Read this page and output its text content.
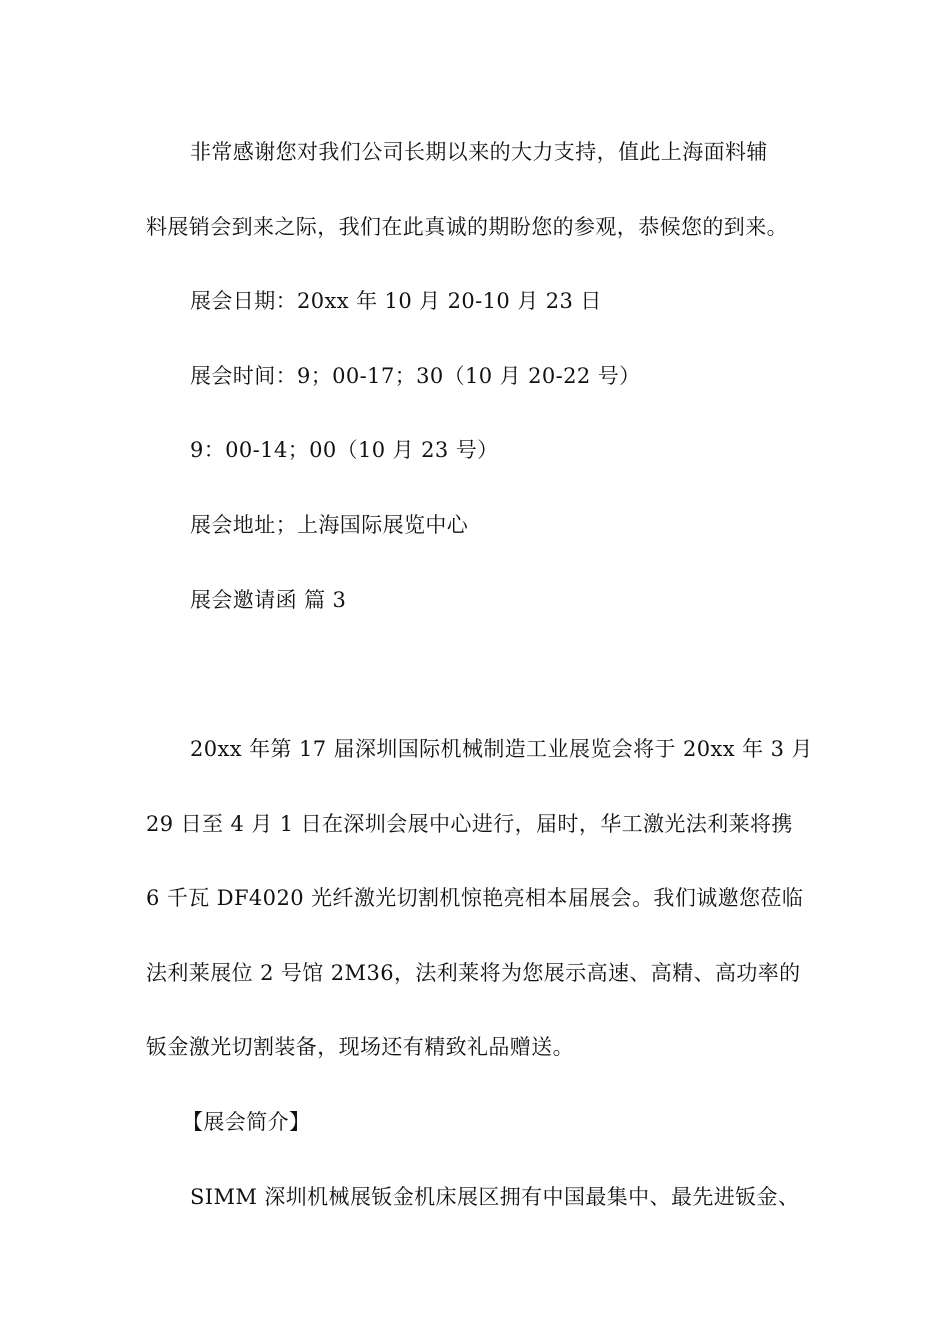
非常感谢您对我们公司长期以来的大力支持，值此上海面料辅
料展销会到来之际，我们在此真诚的期盼您的参观，恭候您的到来。
展会日期：20xx 年 10 月 20-10 月 23 日
展会时间：9；00-17；30（10 月 20-22 号）
9：00-14；00（10 月 23 号）
展会地址；上海国际展览中心
展会邀请函 篇 3
20xx 年第 17 届深圳国际机械制造工业展览会将于 20xx 年 3 月
29 日至 4 月 1 日在深圳会展中心进行，届时，华工激光法利莱将携
6 千瓦 DF4020 光纤激光切割机惊艳亮相本届展会。我们诚邀您莅临
法利莱展位 2 号馆 2M36，法利莱将为您展示高速、高精、高功率的
钣金激光切割装备，现场还有精致礼品赠送。
【展会简介】
SIMM 深圳机械展钣金机床展区拥有中国最集中、最先进钣金、
